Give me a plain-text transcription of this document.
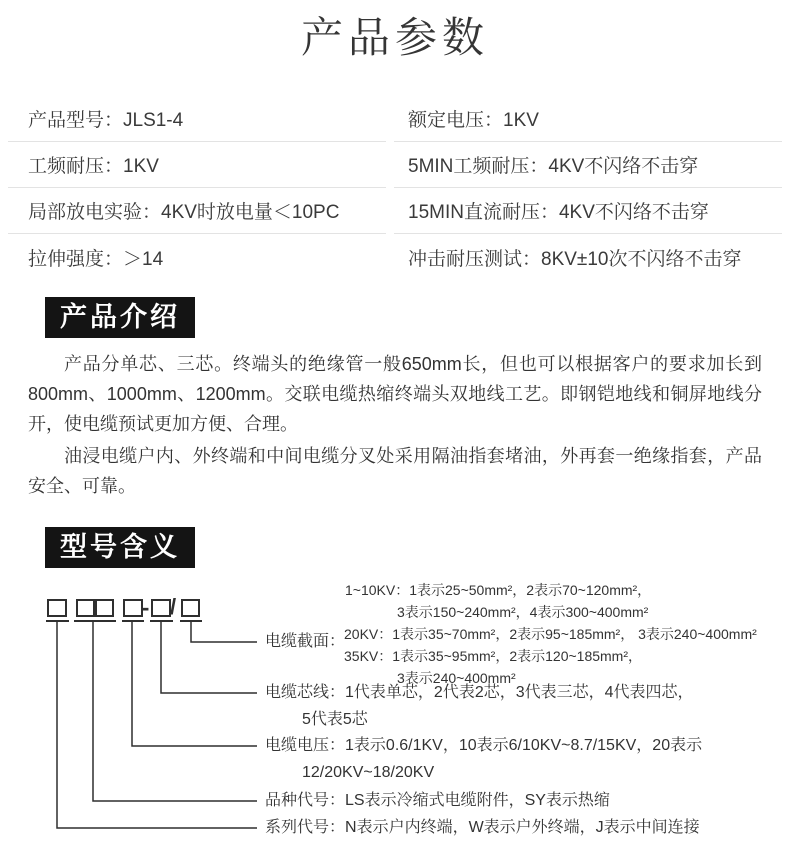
产品参数
产品型号：JLS1-4	额定电压：1KV
工频耐压：1KV	5MIN工频耐压：4KV不闪络不击穿
局部放电实验：4KV时放电量＜10PC	15MIN直流耐压：4KV不闪络不击穿
拉伸强度：＞14	冲击耐压测试：8KV±10次不闪络不击穿
产品介绍

产品分单芯、三芯。终端头的绝缘管一般650mm长，但也可以根据客户的要求加长到800mm、1000mm、1200mm。交联电缆热缩终端头双地线工艺。即钢铠地线和铜屏地线分开，使电缆预试更加方便、合理。

油浸电缆户内、外终端和中间电缆分叉处采用隔油指套堵油，外再套一绝缘指套，产品安全、可靠。

型号含义
- /
电缆截面：
1~10KV：1表示25~50mm²，2表示70~120mm²，
3表示150~240mm²，4表示300~400mm²
20KV：1表示35~70mm²，2表示95~185mm²， 3表示240~400mm²
35KV：1表示35~95mm²，2表示120~185mm²，
3表示240~400mm²
电缆芯线：1代表单芯，2代表2芯，3代表三芯，4代表四芯，
5代表5芯
电缆电压：1表示0.6/1KV，10表示6/10KV~8.7/15KV，20表示
12/20KV~18/20KV
品种代号：LS表示冷缩式电缆附件，SY表示热缩
系列代号：N表示户内终端，W表示户外终端，J表示中间连接
